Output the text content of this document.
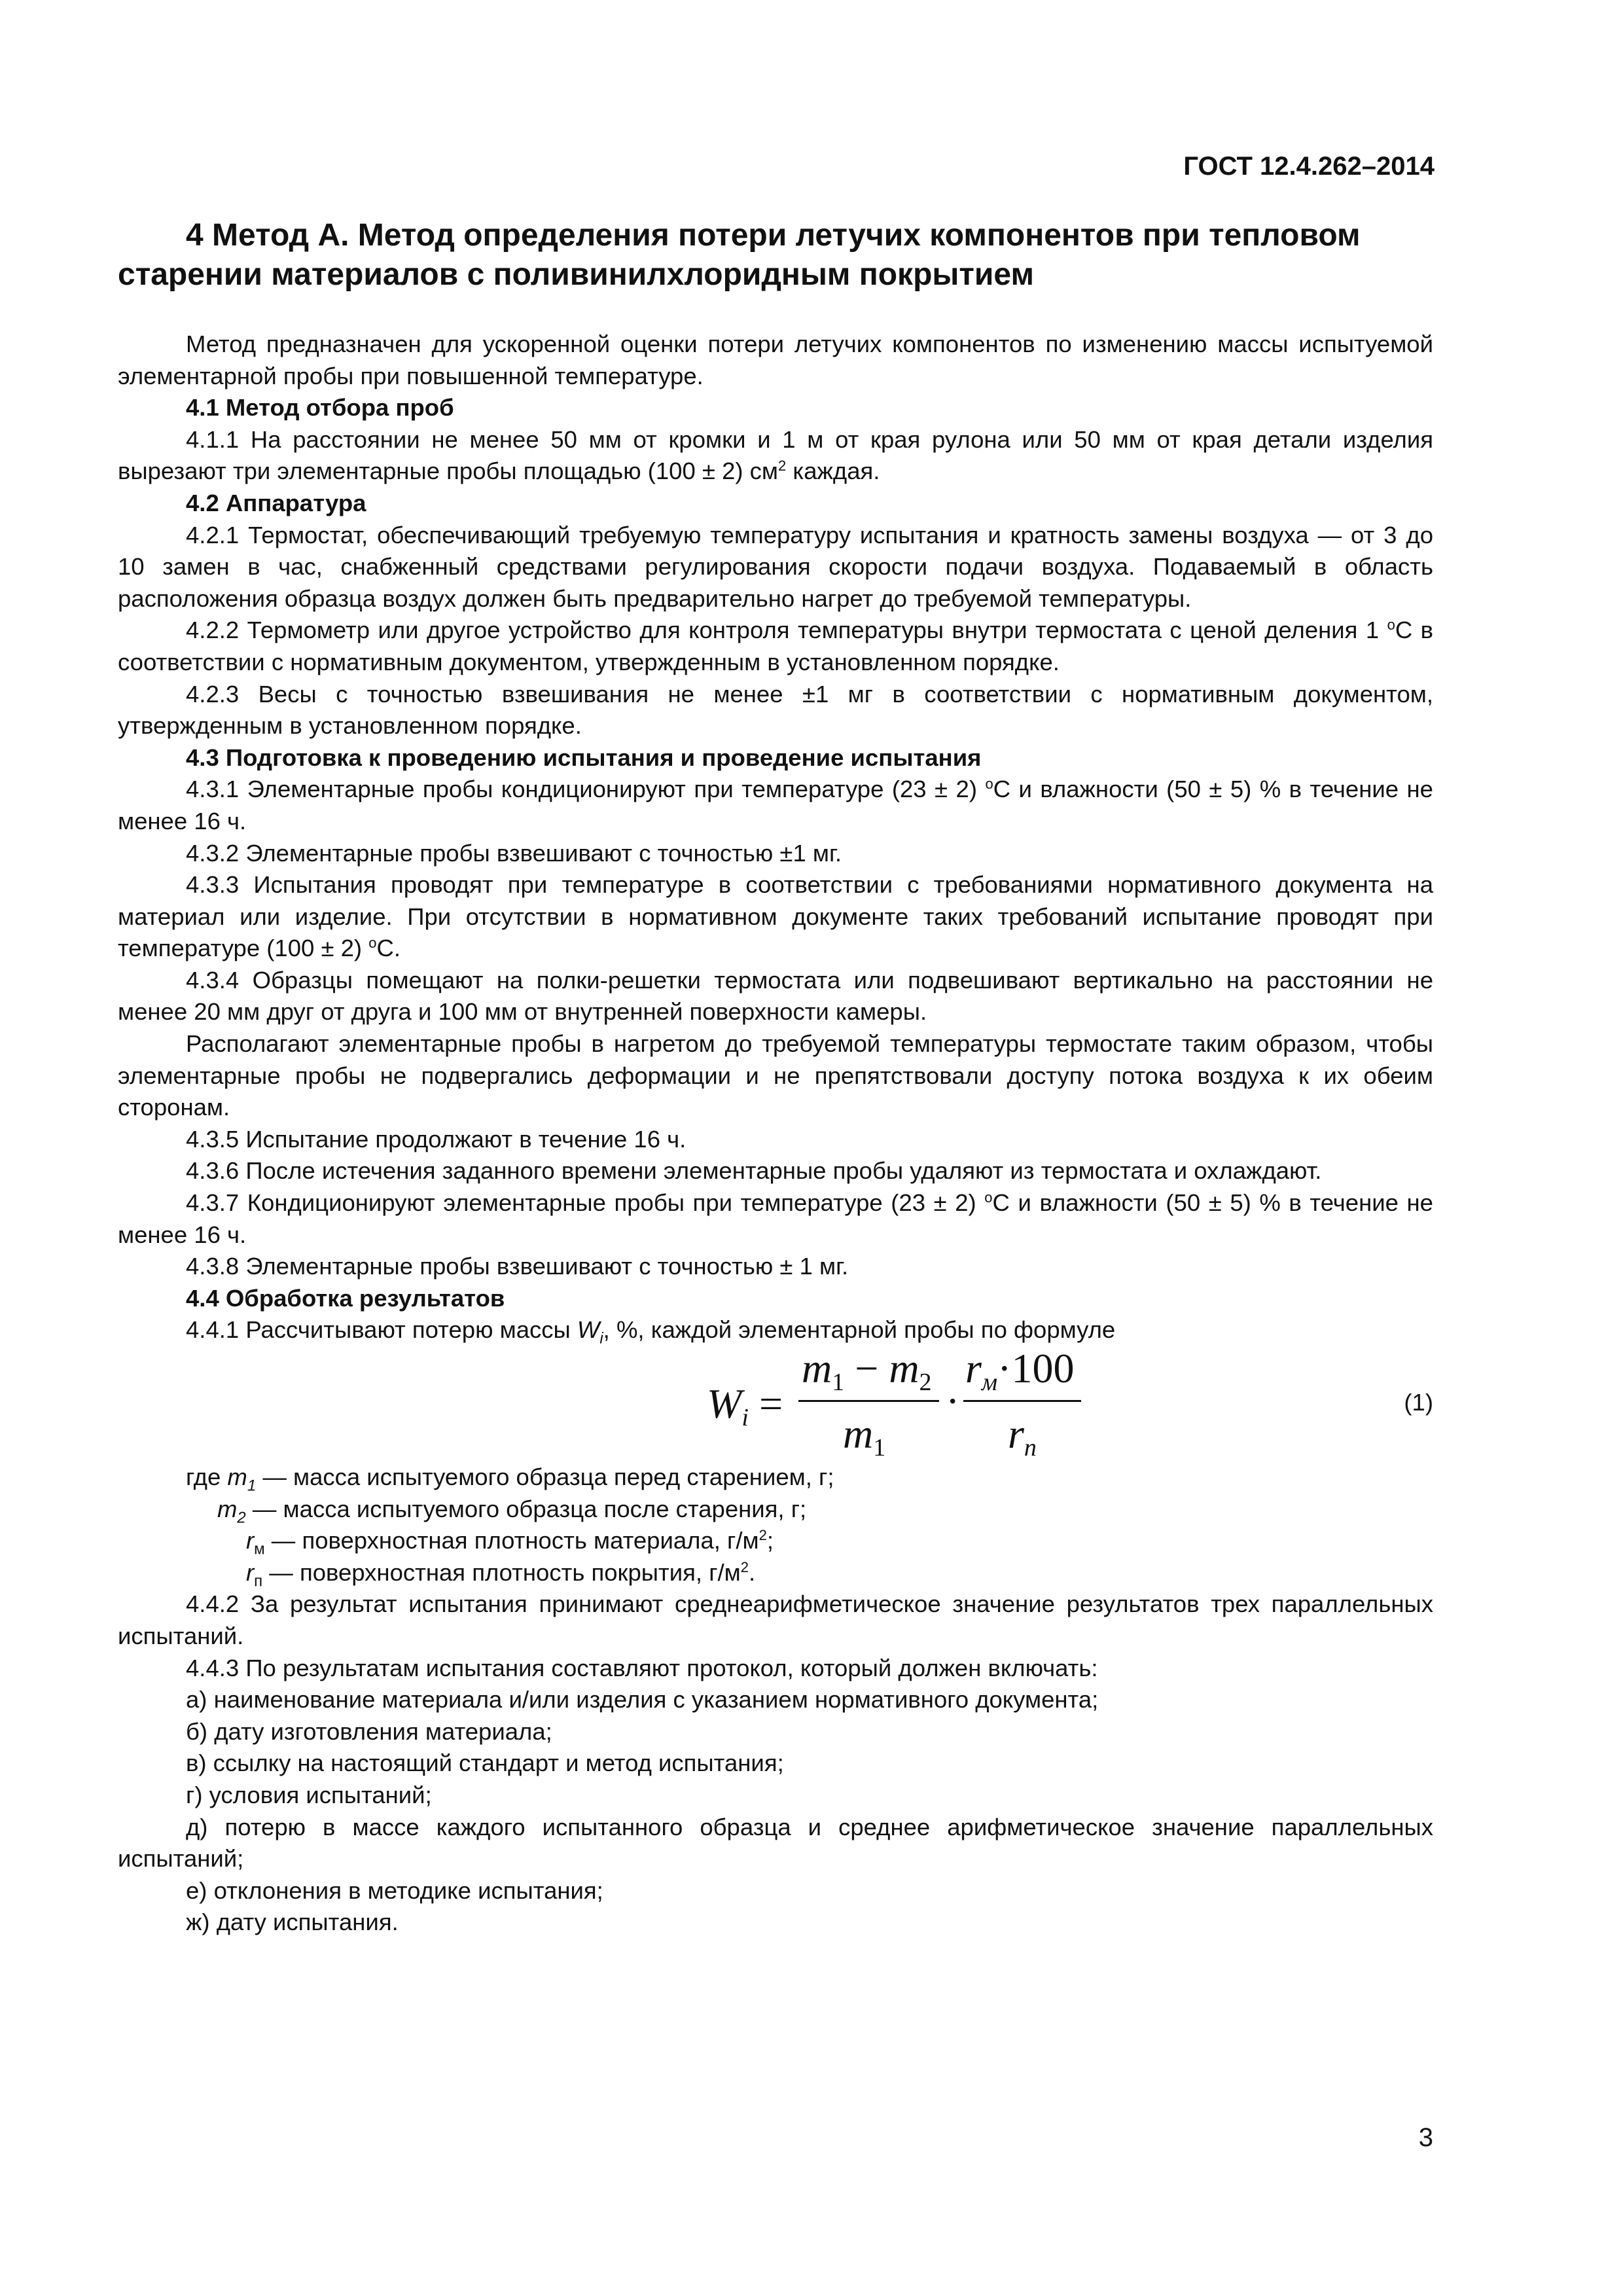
ГОСТ 12.4.262–2014
4 Метод А. Метод определения потери летучих компонентов при тепловом старении материалов с поливинилхлоридным покрытием

Метод предназначен для ускоренной оценки потери летучих компонентов по изменению массы испытуемой элементарной пробы при повышенной температуре.

4.1 Метод отбора проб

4.1.1 На расстоянии не менее 50 мм от кромки и 1 м от края рулона или 50 мм от края детали изделия вырезают три элементарные пробы площадью (100 ± 2) $см^2$ каждая.

4.2 Аппаратура

4.2.1 Термостат, обеспечивающий требуемую температуру испытания и кратность замены воздуха — от 3 до 10 замен в час, снабженный средствами регулирования скорости подачи воздуха. Подаваемый в область расположения образца воздух должен быть предварительно нагрет до требуемой температуры.

4.2.2 Термометр или другое устройство для контроля температуры внутри термостата с ценой деления 1 $^о$С в соответствии с нормативным документом, утвержденным в установленном порядке.

4.2.3 Весы с точностью взвешивания не менее ±1 мг в соответствии с нормативным документом, утвержденным в установленном порядке.

4.3 Подготовка к проведению испытания и проведение испытания

4.3.1 Элементарные пробы кондиционируют при температуре (23 ± 2) $^о$С и влажности (50 ± 5) % в течение не менее 16 ч.

4.3.2 Элементарные пробы взвешивают с точностью ±1 мг.

4.3.3 Испытания проводят при температуре в соответствии с требованиями нормативного документа на материал или изделие. При отсутствии в нормативном документе таких требований испытание проводят при температуре (100 ± 2) $^о$С.

4.3.4 Образцы помещают на полки-решетки термостата или подвешивают вертикально на расстоянии не менее 20 мм друг от друга и 100 мм от внутренней поверхности камеры.

Располагают элементарные пробы в нагретом до требуемой температуры термостате таким образом, чтобы элементарные пробы не подвергались деформации и не препятствовали доступу потока воздуха к их обеим сторонам.

4.3.5 Испытание продолжают в течение 16 ч.

4.3.6 После истечения заданного времени элементарные пробы удаляют из термостата и охлаждают.

4.3.7 Кондиционируют элементарные пробы при температуре (23 ± 2) $^о$С и влажности (50 ± 5) % в течение не менее 16 ч.

4.3.8 Элементарные пробы взвешивают с точностью ± 1 мг.

4.4 Обработка результатов

4.4.1 Рассчитывают потерю массы $W_i$, %, каждой элементарной пробы по формуле

Wi =
m1 − m2
m1
·
rм·100
rn
(1)

где $m_1$ — масса испытуемого образца перед старением, г;

$m_2$ — масса испытуемого образца после старения, г;

$r_м$ — поверхностная плотность материала, $г/м^2$;

$r_п$ — поверхностная плотность покрытия, $г/м^2$.

4.4.2 За результат испытания принимают среднеарифметическое значение результатов трех параллельных испытаний.

4.4.3 По результатам испытания составляют протокол, который должен включать:

а) наименование материала и/или изделия с указанием нормативного документа;

б) дату изготовления материала;

в) ссылку на настоящий стандарт и метод испытания;

г) условия испытаний;

д) потерю в массе каждого испытанного образца и среднее арифметическое значение параллельных испытаний;

е) отклонения в методике испытания;

ж) дату испытания.

3
